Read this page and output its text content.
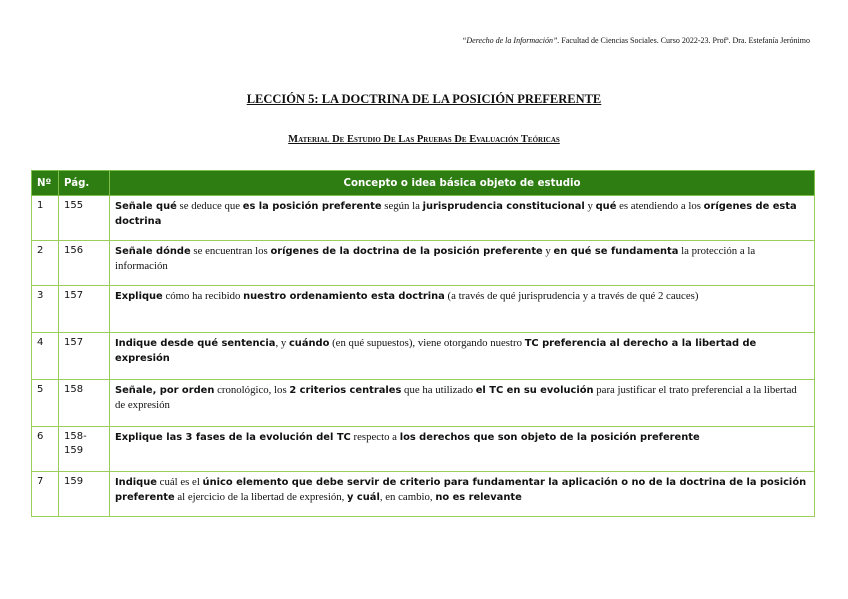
“Derecho de la Información”. Facultad de Ciencias Sociales. Curso 2022-23. Profª. Dra. Estefanía Jerónimo
LECCIÓN 5: LA DOCTRINA DE LA POSICIÓN PREFERENTE
Material De Estudio De Las Pruebas De Evaluación Teóricas
Nº	Pág.	Concepto o idea básica objeto de estudio
1	155	Señale qué se deduce que es la posición preferente según la jurisprudencia constitucional y qué es atendiendo a los orígenes de esta doctrina
2	156	Señale dónde se encuentran los orígenes de la doctrina de la posición preferente y en qué se fundamenta la protección a la información
3	157	Explique cómo ha recibido nuestro ordenamiento esta doctrina (a través de qué jurisprudencia y a través de qué 2 cauces)
4	157	Indique desde qué sentencia, y cuándo (en qué supuestos), viene otorgando nuestro TC preferencia al derecho a la libertad de expresión
5	158	Señale, por orden cronológico, los 2 criterios centrales que ha utilizado el TC en su evolución para justificar el trato preferencial a la libertad de expresión
6	158-159	Explique las 3 fases de la evolución del TC respecto a los derechos que son objeto de la posición preferente
7	159	Indique cuál es el único elemento que debe servir de criterio para fundamentar la aplicación o no de la doctrina de la posición preferente al ejercicio de la libertad de expresión, y cuál, en cambio, no es relevante
